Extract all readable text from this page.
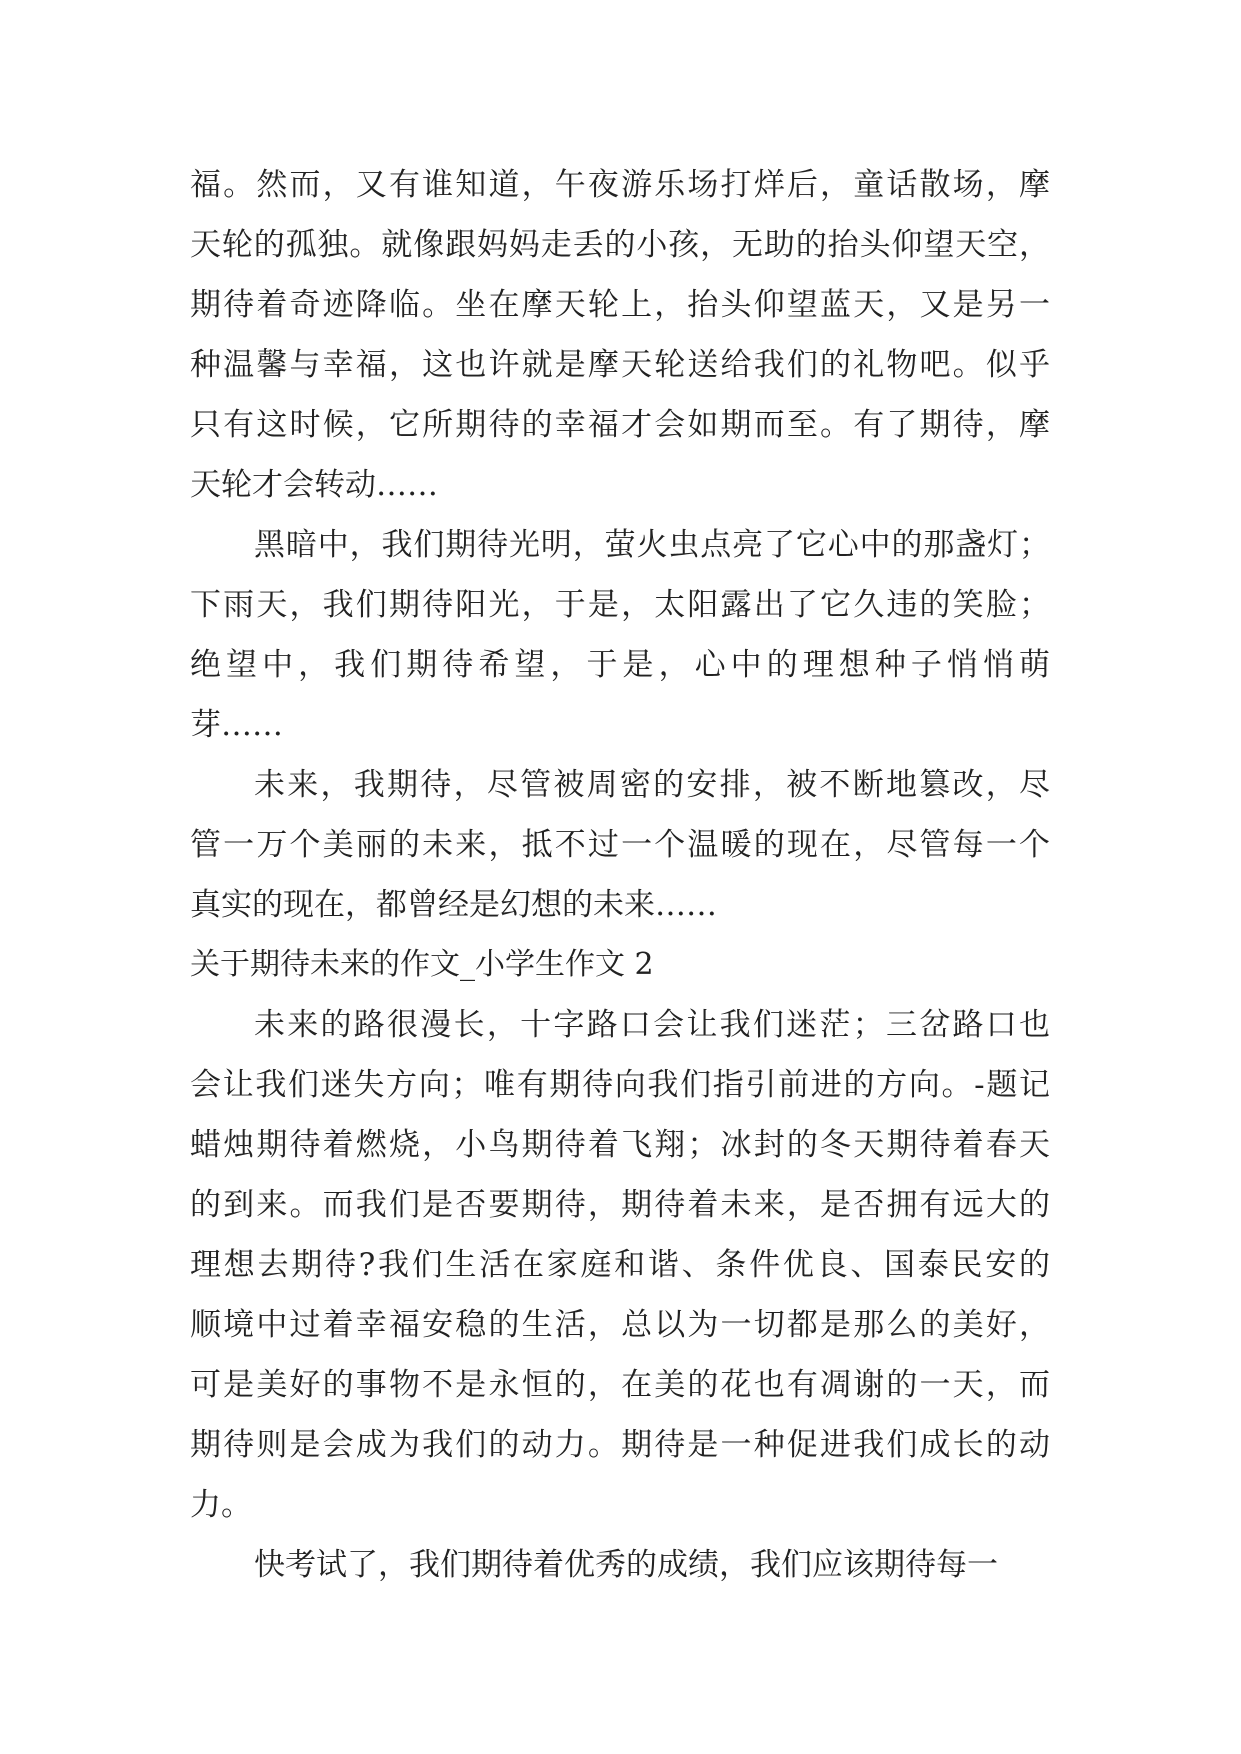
福。然而，又有谁知道，午夜游乐场打烊后，童话散场，摩
天轮的孤独。就像跟妈妈走丢的小孩，无助的抬头仰望天空，
期待着奇迹降临。坐在摩天轮上，抬头仰望蓝天，又是另一
种温馨与幸福，这也许就是摩天轮送给我们的礼物吧。似乎
只有这时候，它所期待的幸福才会如期而至。有了期待，摩
天轮才会转动……
黑暗中，我们期待光明，萤火虫点亮了它心中的那盏灯；
下雨天，我们期待阳光，于是，太阳露出了它久违的笑脸；
绝望中，我们期待希望，于是，心中的理想种子悄悄萌
芽……
未来，我期待，尽管被周密的安排，被不断地篡改，尽
管一万个美丽的未来，抵不过一个温暖的现在，尽管每一个
真实的现在，都曾经是幻想的未来……
关于期待未来的作文_小学生作文 2
未来的路很漫长，十字路口会让我们迷茫；三岔路口也
会让我们迷失方向；唯有期待向我们指引前进的方向。-题记
蜡烛期待着燃烧，小鸟期待着飞翔；冰封的冬天期待着春天
的到来。而我们是否要期待，期待着未来，是否拥有远大的
理想去期待?我们生活在家庭和谐、条件优良、国泰民安的
顺境中过着幸福安稳的生活，总以为一切都是那么的美好，
可是美好的事物不是永恒的，在美的花也有凋谢的一天，而
期待则是会成为我们的动力。期待是一种促进我们成长的动
力。
快考试了，我们期待着优秀的成绩，我们应该期待每一
